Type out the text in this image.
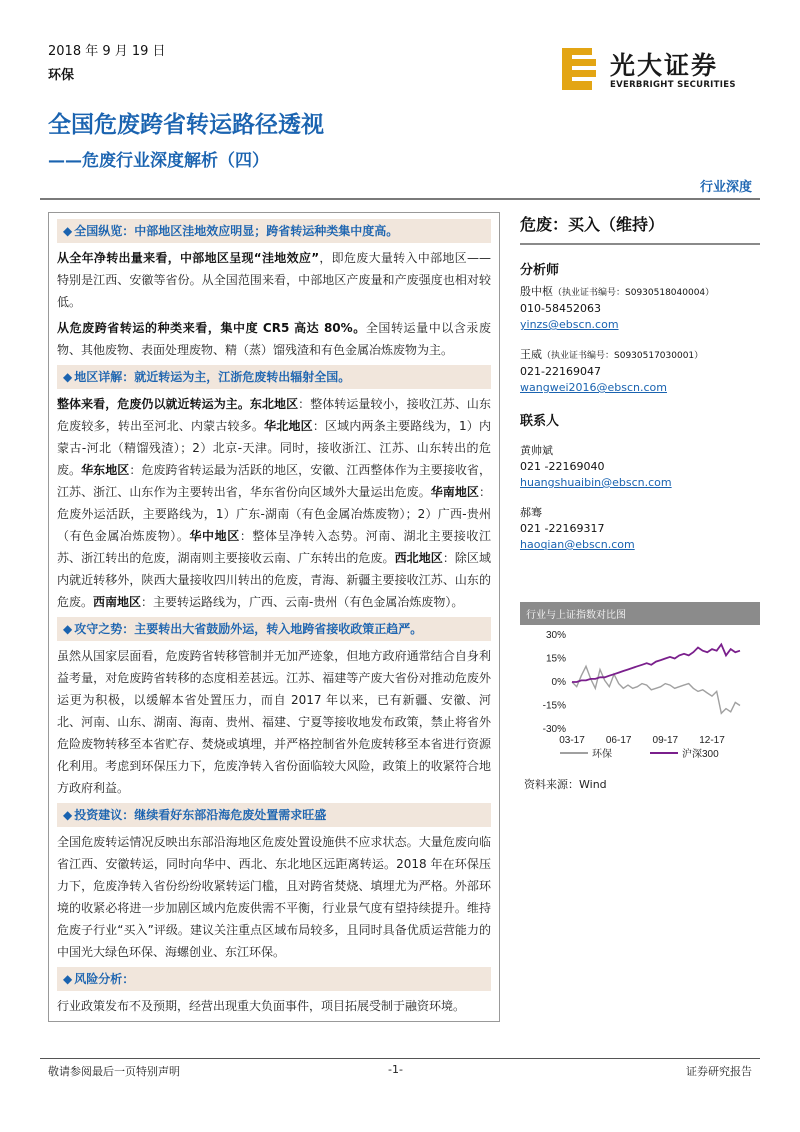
2018 年 9 月 19 日
环保
全国危废跨省转运路径透视
——危废行业深度解析（四）
光大证券
EVERBRIGHT SECURITIES
行业深度
◆ 全国纵览：中部地区洼地效应明显；跨省转运种类集中度高。
从全年净转出量来看，中部地区呈现“洼地效应”，即危废大量转入中部地区——特别是江西、安徽等省份。从全国范围来看，中部地区产废量和产废强度也相对较低。
从危废跨省转运的种类来看，集中度 CR5 高达 80%。全国转运量中以含汞废物、其他废物、表面处理废物、精（蒸）馏残渣和有色金属冶炼废物为主。
◆ 地区详解：就近转运为主，江浙危废转出辐射全国。
整体来看，危废仍以就近转运为主。东北地区：整体转运量较小，接收江苏、山东危废较多，转出至河北、内蒙古较多。华北地区：区域内两条主要路线为，1）内蒙古-河北（精馏残渣）；2）北京-天津。同时，接收浙江、江苏、山东转出的危废。华东地区：危废跨省转运最为活跃的地区，安徽、江西整体作为主要接收省，江苏、浙江、山东作为主要转出省，华东省份向区域外大量运出危废。华南地区：危废外运活跃，主要路线为，1）广东-湖南（有色金属冶炼废物）；2）广西-贵州（有色金属冶炼废物）。华中地区：整体呈净转入态势。河南、湖北主要接收江苏、浙江转出的危废，湖南则主要接收云南、广东转出的危废。西北地区：除区域内就近转移外，陕西大量接收四川转出的危废，青海、新疆主要接收江苏、山东的危废。西南地区：主要转运路线为，广西、云南-贵州（有色金属冶炼废物）。
◆ 攻守之势：主要转出大省鼓励外运，转入地跨省接收政策正趋严。
虽然从国家层面看，危废跨省转移管制并无加严迹象，但地方政府通常结合自身利益考量，对危废跨省转移的态度相差甚远。江苏、福建等产废大省份对推动危废外运更为积极，以缓解本省处置压力，而自 2017 年以来，已有新疆、安徽、河北、河南、山东、湖南、海南、贵州、福建、宁夏等接收地发布政策，禁止将省外危险废物转移至本省贮存、焚烧或填埋，并严格控制省外危废转移至本省进行资源化利用。考虑到环保压力下，危废净转入省份面临较大风险，政策上的收紧符合地方政府利益。
◆ 投资建议：继续看好东部沿海危废处置需求旺盛
全国危废转运情况反映出东部沿海地区危废处置设施供不应求状态。大量危废向临省江西、安徽转运，同时向华中、西北、东北地区远距离转运。2018 年在环保压力下，危废净转入省份纷纷收紧转运门槛，且对跨省焚烧、填埋尤为严格。外部环境的收紧必将进一步加剧区域内危废供需不平衡，行业景气度有望持续提升。维持危废子行业“买入”评级。建议关注重点区域布局较多，且同时具备优质运营能力的中国光大绿色环保、海螺创业、东江环保。
◆ 风险分析：
行业政策发布不及预期，经营出现重大负面事件，项目拓展受制于融资环境。
危废：买入（维持）
分析师
殷中枢（执业证书编号：S0930518040004）
010-58452063
yinzs@ebscn.com
王威（执业证书编号：S0930517030001）
021-22169047
wangwei2016@ebscn.com
联系人
黄帅斌
021 -22169040
huangshuaibin@ebscn.com
郝骞
021 -22169317
haoqian@ebscn.com
行业与上证指数对比图
30%
15%
0%
-15%
-30%
03-17 06-17 09-17 12-17
环保	沪深300
资料来源：Wind
敬请参阅最后一页特别声明	-1-	证券研究报告
